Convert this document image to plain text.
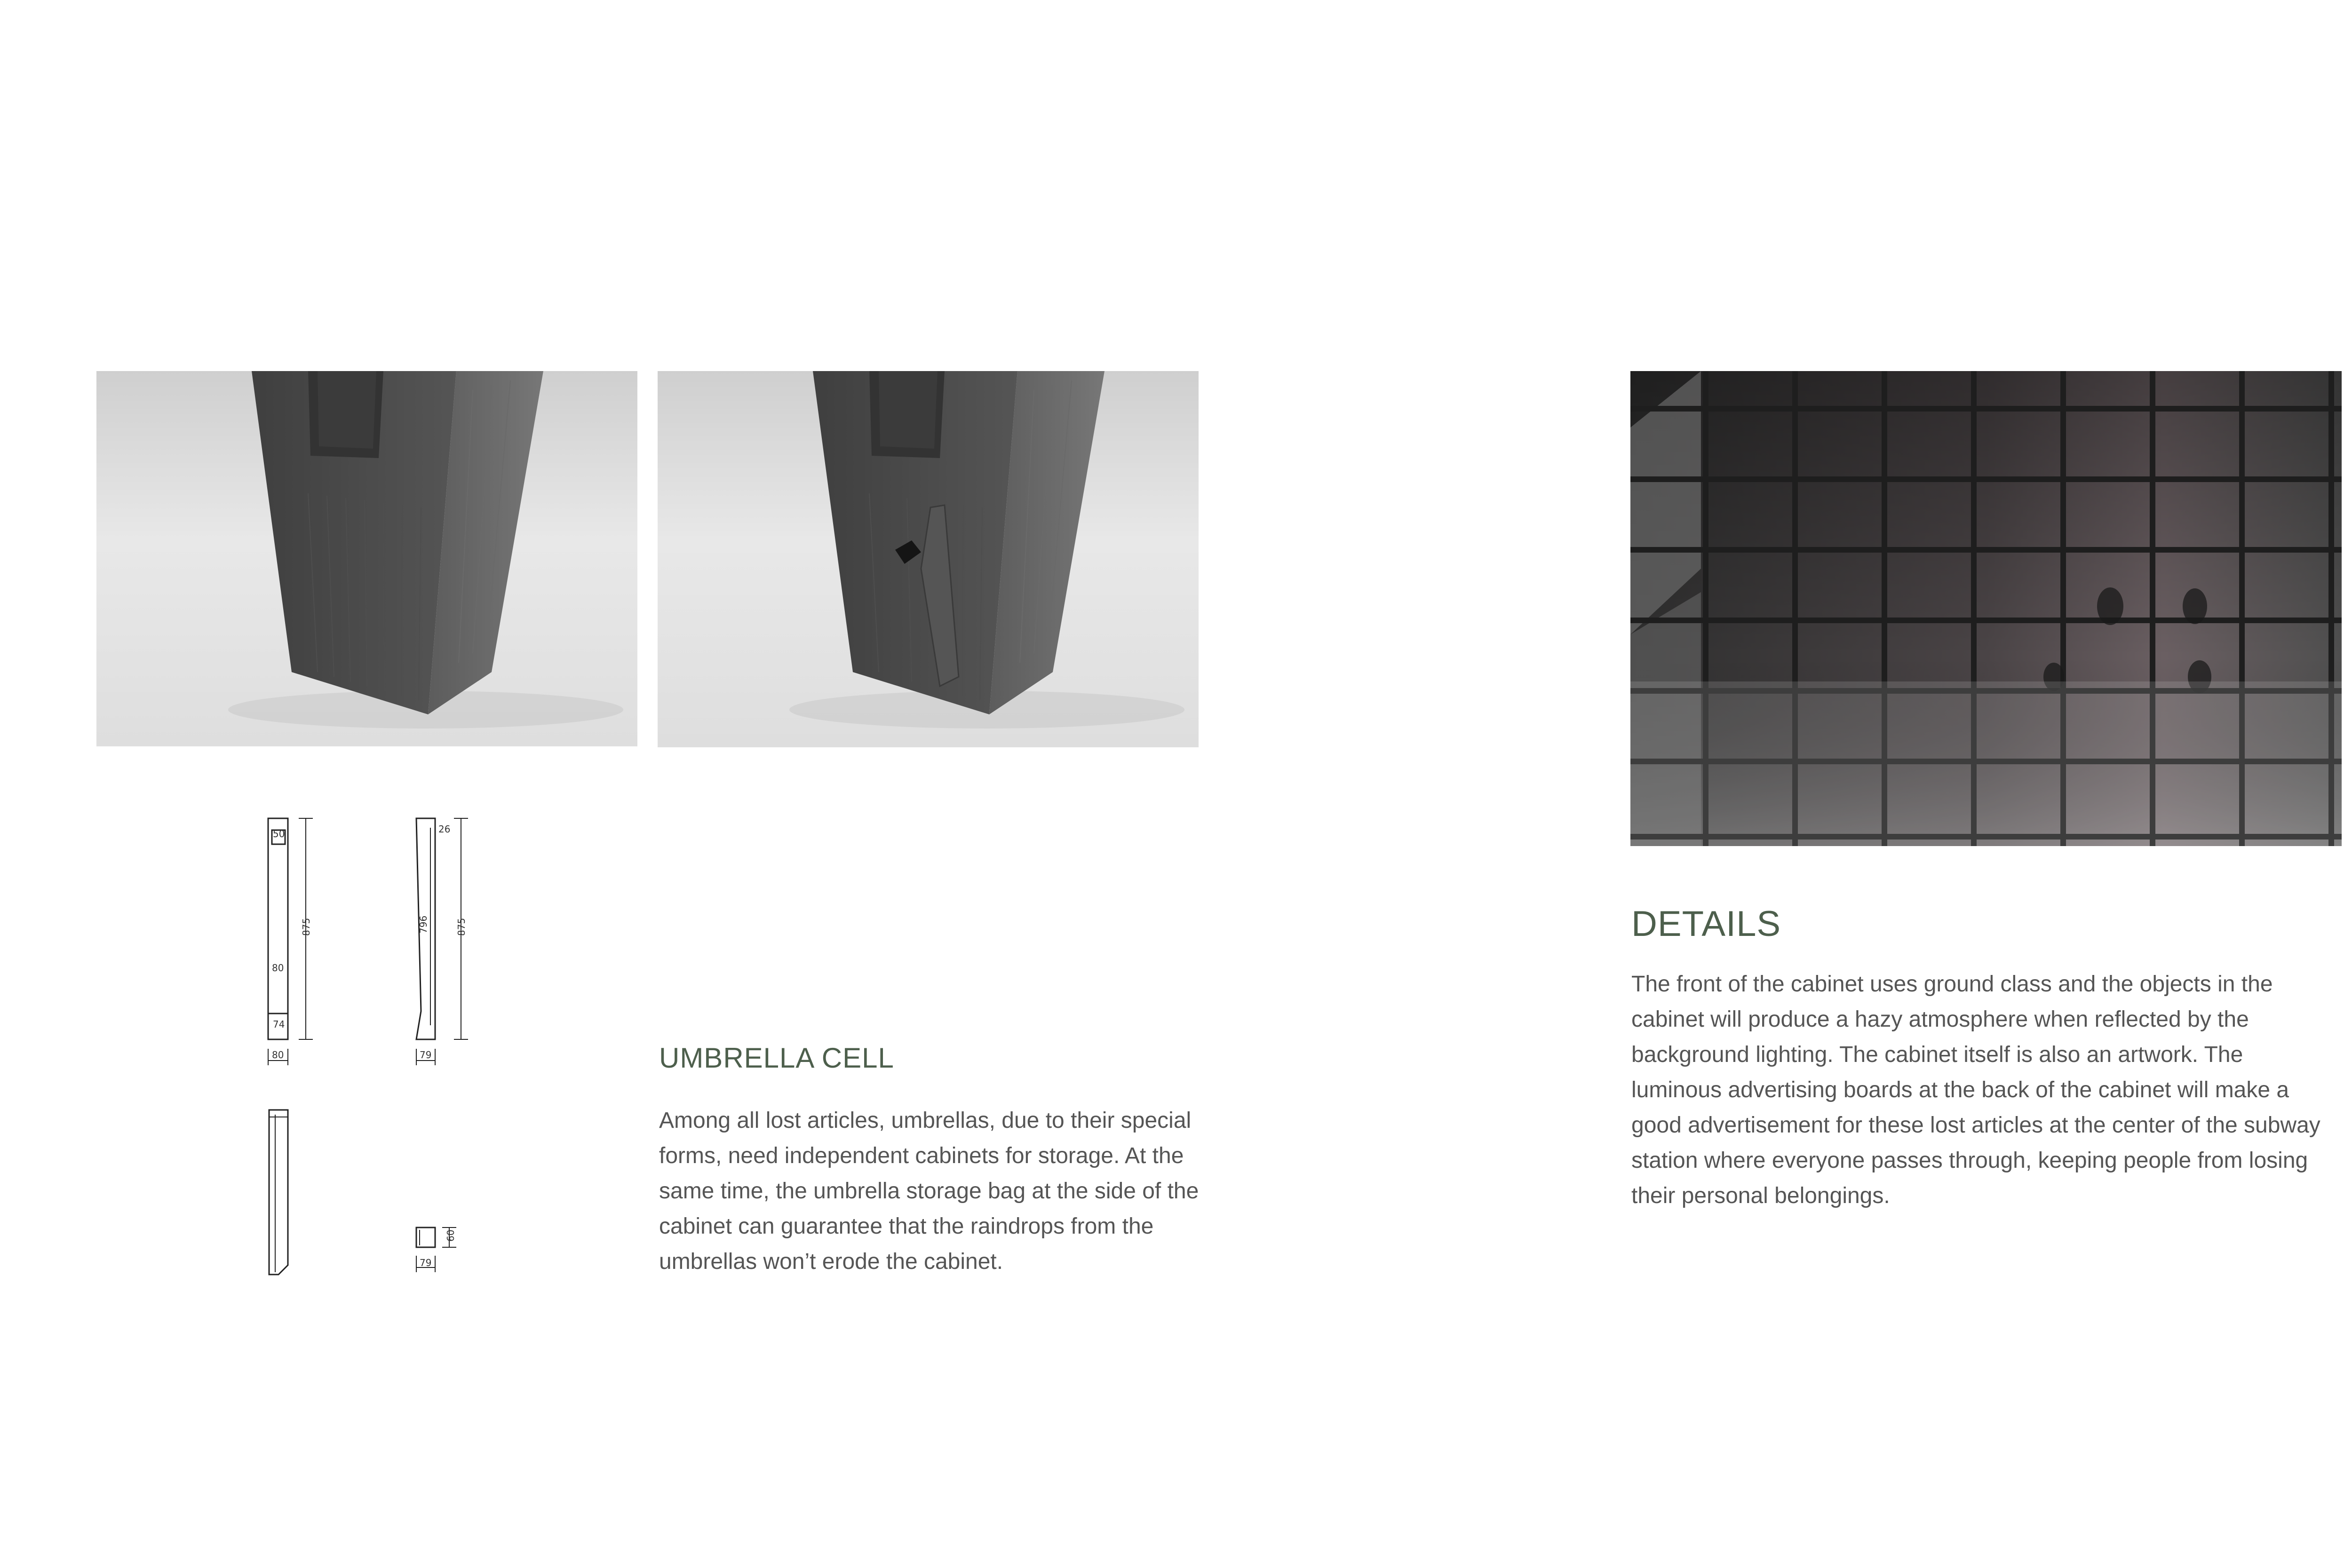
50
875
80
74
80
26
796	875
79
60
79
UMBRELLA CELL

Among all lost articles, umbrellas, due to their special forms, need independent cabinets for storage. At the same time, the umbrella storage bag at the side of the cabinet can guarantee that the raindrops from the umbrellas won’t erode the cabinet.

DETAILS

The front of the cabinet uses ground class and the objects in the cabinet will produce a hazy atmosphere when reflected by the background lighting. The cabinet itself is also an artwork. The luminous advertising boards at the back of the cabinet will make a good advertisement for these lost articles at the center of the subway station where everyone passes through, keeping people from losing their personal belongings.
